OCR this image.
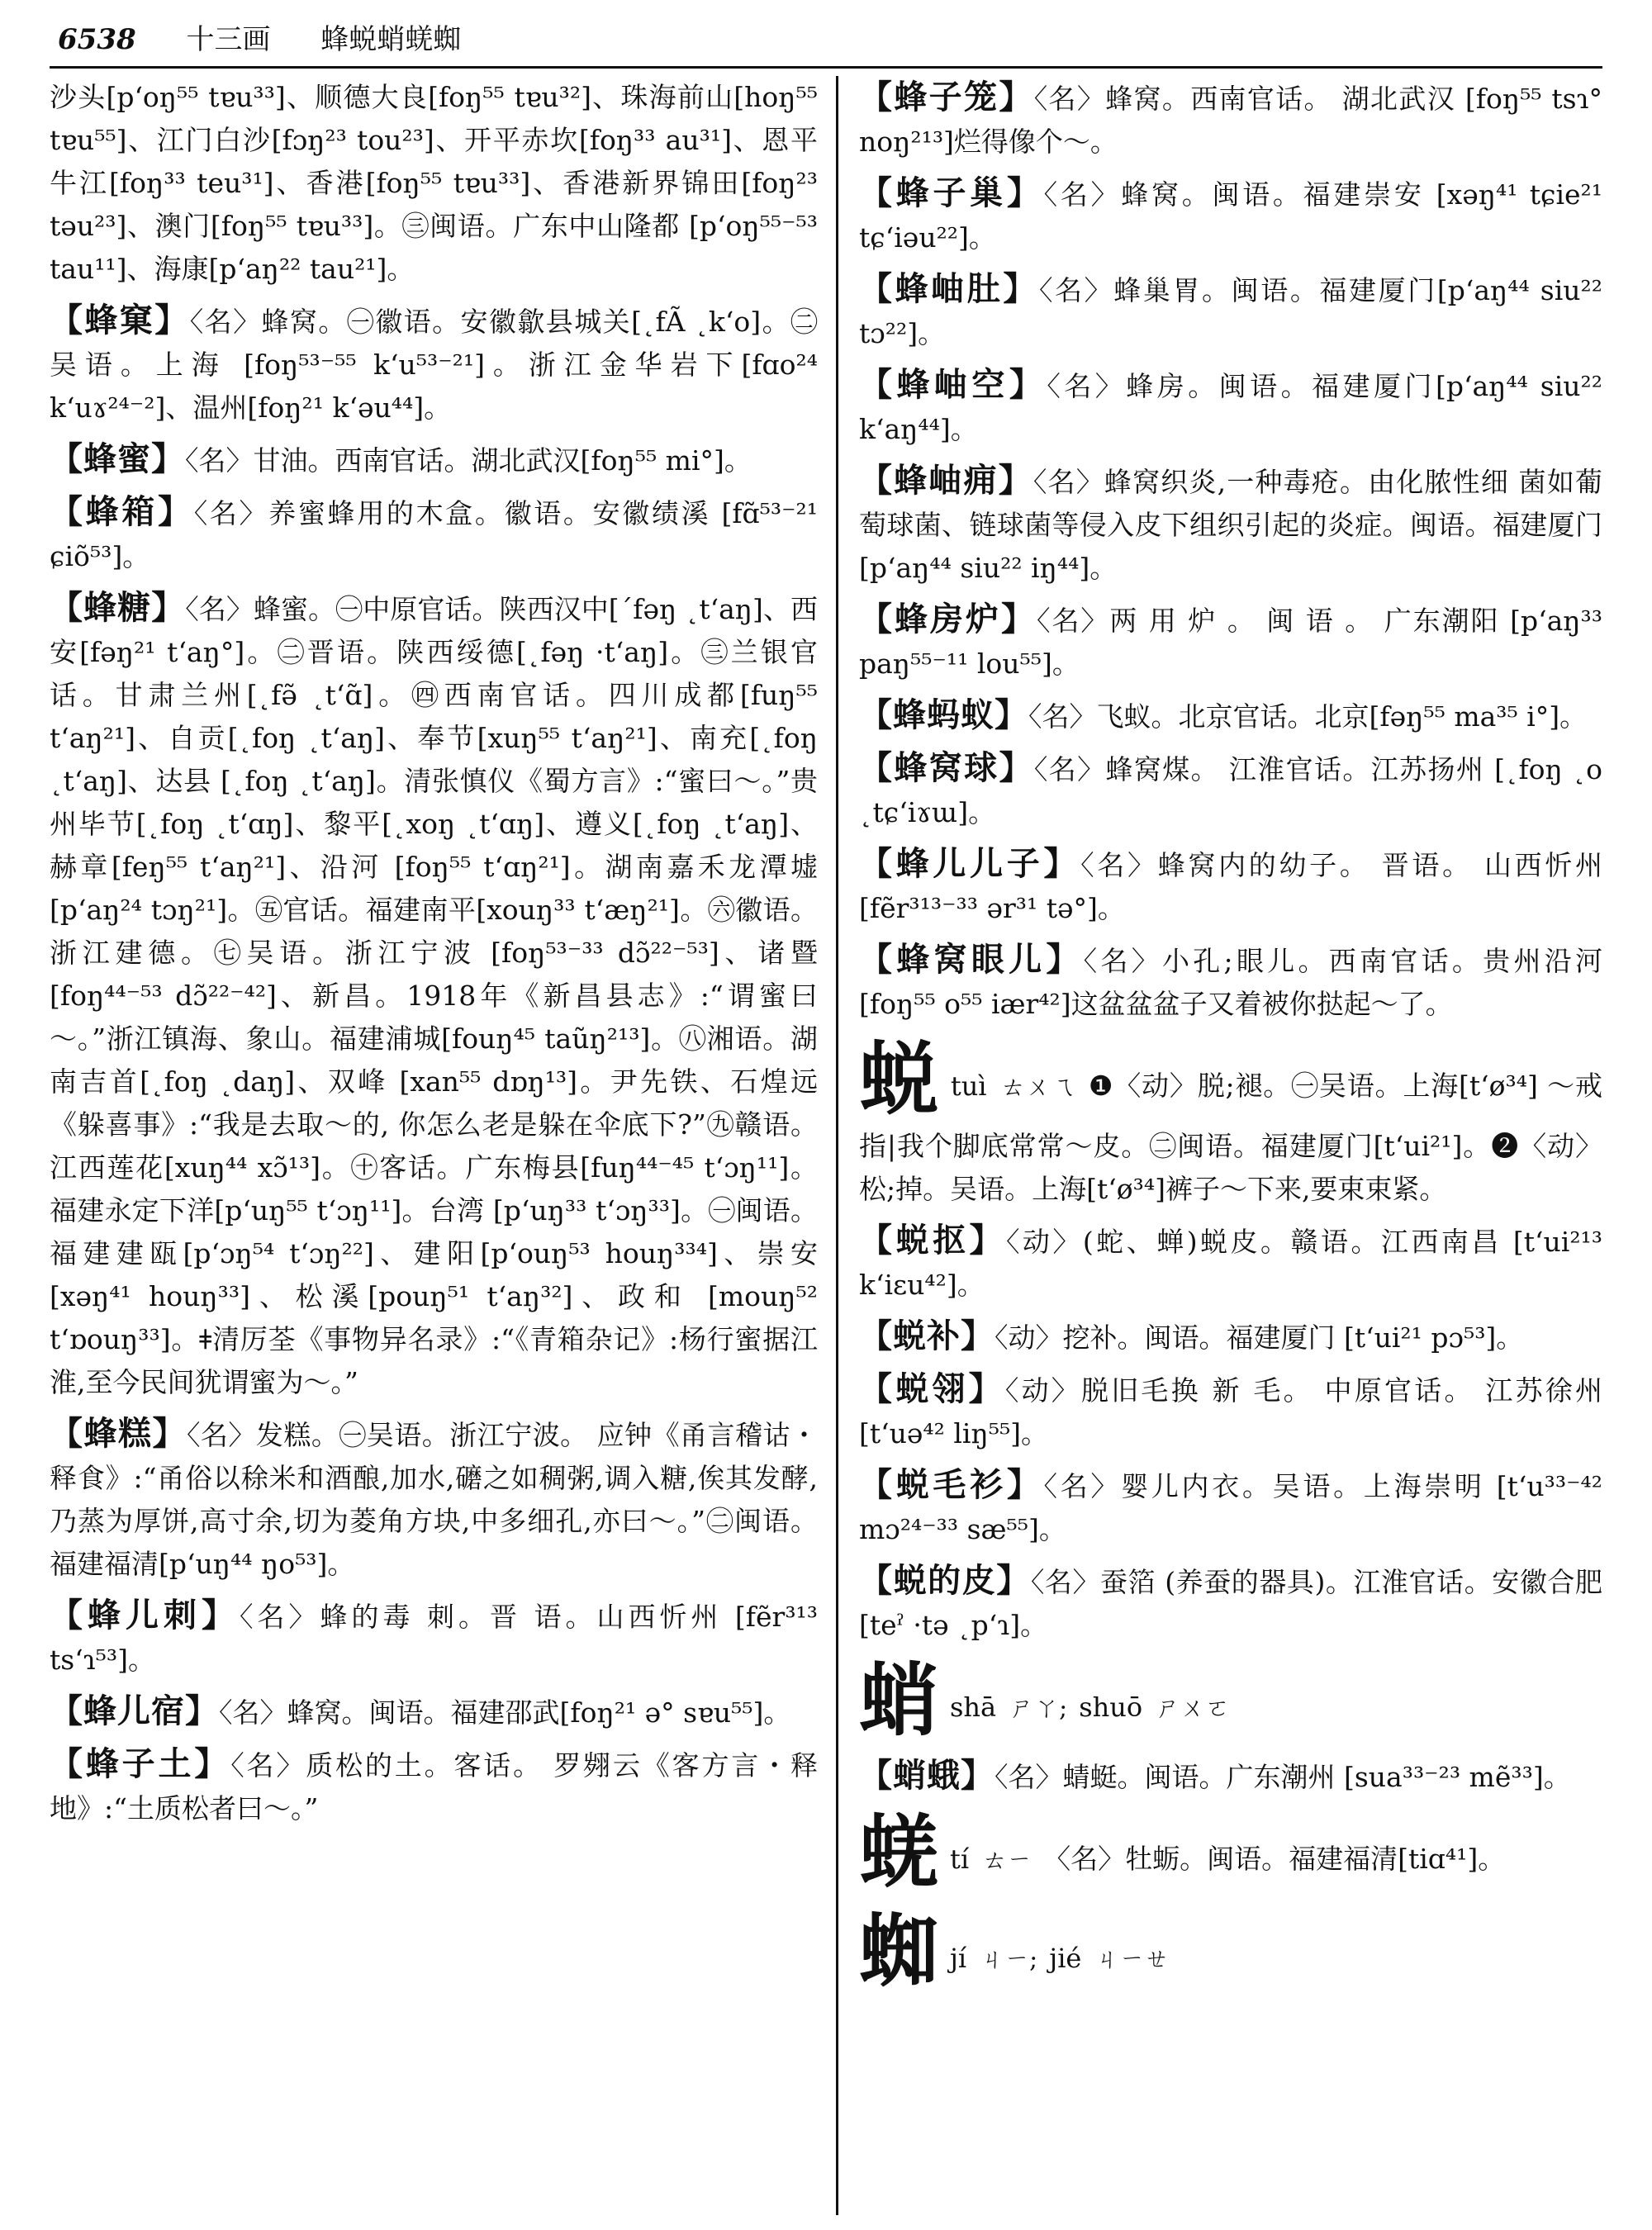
6538 十三画 蜂蜕蛸蜣蜘

沙头[p‘oŋ⁵⁵ tɐu³³]、顺德大良[foŋ⁵⁵ tɐu³²]、珠海前山[hoŋ⁵⁵ tɐu⁵⁵]、江门白沙[fɔŋ²³ tou²³]、开平赤坎[foŋ³³ au³¹]、恩平牛江[foŋ³³ teu³¹]、香港[foŋ⁵⁵ tɐu³³]、香港新界锦田[foŋ²³ təu²³]、澳门[foŋ⁵⁵ tɐu³³]。㊂闽语。广东中山隆都 [p‘oŋ⁵⁵⁻⁵³ tau¹¹]、海康[p‘aŋ²² tau²¹]。

【蜂窠】〈名〉蜂窝。㊀徽语。安徽歙县城关[˛fÃ ˛k‘o]。㊁吴语。上海 [foŋ⁵³⁻⁵⁵ k‘u⁵³⁻²¹]。浙江金华岩下[fɑo²⁴ k‘uɤ²⁴⁻²]、温州[foŋ²¹ k‘əu⁴⁴]。

【蜂蜜】〈名〉甘油。西南官话。湖北武汉[foŋ⁵⁵ mi°]。

【蜂箱】〈名〉养蜜蜂用的木盒。徽语。安徽绩溪 [fɑ̃⁵³⁻²¹ ɕiõ⁵³]。

【蜂糖】〈名〉蜂蜜。㊀中原官话。陕西汉中[ˊfəŋ ˛t‘aŋ]、西安[fəŋ²¹ t‘aŋ°]。㊁晋语。陕西绥德[˛fəŋ ·t‘aŋ]。㊂兰银官话。甘肃兰州[˛fə̃ ˛t‘ɑ̃]。㊃西南官话。四川成都[fuŋ⁵⁵ t‘aŋ²¹]、自贡[˛foŋ ˛t‘aŋ]、奉节[xuŋ⁵⁵ t‘aŋ²¹]、南充[˛foŋ ˛t‘aŋ]、达县 [˛foŋ ˛t‘aŋ]。清张慎仪《蜀方言》:“蜜曰～。”贵州毕节[˛foŋ ˛t‘ɑŋ]、黎平[˛xoŋ ˛t‘ɑŋ]、遵义[˛foŋ ˛t‘aŋ]、赫章[feŋ⁵⁵ t‘aŋ²¹]、沿河 [foŋ⁵⁵ t‘ɑŋ²¹]。湖南嘉禾龙潭墟[p‘aŋ²⁴ tɔŋ²¹]。㊄官话。福建南平[xouŋ³³ t‘æŋ²¹]。㊅徽语。浙江建德。㊆吴语。浙江宁波 [foŋ⁵³⁻³³ dɔ̃²²⁻⁵³]、诸暨[foŋ⁴⁴⁻⁵³ dɔ̃²²⁻⁴²]、新昌。1918年《新昌县志》:“谓蜜曰～。”浙江镇海、象山。福建浦城[fouŋ⁴⁵ taũŋ²¹³]。㊇湘语。湖南吉首[˛foŋ ˛daŋ]、双峰 [xan⁵⁵ dɒŋ¹³]。尹先铁、石煌远《躲喜事》:“我是去取～的, 你怎么老是躲在伞底下?”㊈赣语。江西莲花[xuŋ⁴⁴ xɔ̃¹³]。㊉客话。广东梅县[fuŋ⁴⁴⁻⁴⁵ t‘ɔŋ¹¹]。福建永定下洋[p‘uŋ⁵⁵ t‘ɔŋ¹¹]。台湾 [p‘uŋ³³ t‘ɔŋ³³]。㊀闽语。福建建瓯[p‘ɔŋ⁵⁴ t‘ɔŋ²²]、建阳[p‘ouŋ⁵³ houŋ³³⁴]、崇安 [xəŋ⁴¹ houŋ³³]、松溪[pouŋ⁵¹ t‘aŋ³²]、政和 [mouŋ⁵² t‘ɒouŋ³³]。ǂ清厉荃《事物异名录》:“《青箱杂记》:杨行蜜据江淮,至今民间犹谓蜜为～。”

【蜂糕】〈名〉发糕。㊀吴语。浙江宁波。 应钟《甬言稽诂・释食》:“甬俗以稌米和酒酿,加水,礳之如稠粥,调入糖,俟其发酵,乃蒸为厚饼,高寸余,切为菱角方块,中多细孔,亦曰～。”㊁闽语。 福建福清[p‘uŋ⁴⁴ ŋo⁵³]。

【蜂儿刺】〈名〉蜂的毒 刺。晋 语。山西忻州 [fẽr³¹³ ts‘ɿ⁵³]。

【蜂儿宿】〈名〉蜂窝。闽语。福建邵武[foŋ²¹ ə° sɐu⁵⁵]。

【蜂子土】〈名〉质松的土。客话。 罗翙云《客方言・释地》:“土质松者曰～。”

【蜂子笼】〈名〉蜂窝。西南官话。 湖北武汉 [foŋ⁵⁵ tsɿ° noŋ²¹³]烂得像个～。

【蜂子巢】〈名〉蜂窝。闽语。福建崇安 [xəŋ⁴¹ tɕie²¹ tɕ‘iəu²²]。

【蜂岫肚】〈名〉蜂巢胃。闽语。福建厦门[p‘aŋ⁴⁴ siu²² tɔ²²]。

【蜂岫空】〈名〉蜂房。闽语。福建厦门[p‘aŋ⁴⁴ siu²² k‘aŋ⁴⁴]。

【蜂岫痈】〈名〉蜂窝织炎,一种毒疮。由化脓性细 菌如葡萄球菌、链球菌等侵入皮下组织引起的炎症。闽语。福建厦门[p‘aŋ⁴⁴ siu²² iŋ⁴⁴]。

【蜂房炉】〈名〉两 用 炉 。 闽 语 。 广东潮阳 [p‘aŋ³³ paŋ⁵⁵⁻¹¹ lou⁵⁵]。

【蜂蚂蚁】〈名〉飞蚁。北京官话。北京[fəŋ⁵⁵ ma³⁵ i°]。

【蜂窝球】〈名〉蜂窝煤。 江淮官话。江苏扬州 [˛foŋ ˛o ˛tɕ‘iɤɯ]。

【蜂儿儿子】〈名〉蜂窝内的幼子。 晋语。 山西忻州 [fẽr³¹³⁻³³ ər³¹ tə°]。

【蜂窝眼儿】〈名〉小孔;眼儿。西南官话。贵州沿河 [foŋ⁵⁵ o⁵⁵ iær⁴²]这盆盆盆子又着被你挞起～了。

蜕tuì ㄊㄨㄟ ❶〈动〉脱;褪。㊀吴语。上海[t‘ø³⁴] ～戒指|我个脚底常常～皮。㊁闽语。福建厦门[t‘ui²¹]。❷〈动〉松;掉。吴语。上海[t‘ø³⁴]裤子～下来,要束束紧。

【蜕抠】〈动〉(蛇、蝉)蜕皮。赣语。江西南昌 [t‘ui²¹³ k‘iɛu⁴²]。

【蜕补】〈动〉挖补。闽语。福建厦门 [t‘ui²¹ pɔ⁵³]。

【蜕翎】〈动〉脱旧毛换 新 毛。 中原官话。 江苏徐州 [t‘uə⁴² liŋ⁵⁵]。

【蜕毛衫】〈名〉婴儿内衣。吴语。上海崇明 [t‘u³³⁻⁴² mɔ²⁴⁻³³ sæ⁵⁵]。

【蜕的皮】〈名〉蚕箔 (养蚕的器具)。江淮官话。安徽合肥[teˀ ·tə ˛p‘ɿ]。

蛸shā ㄕㄚ; shuō ㄕㄨㄛ

【蛸蛾】〈名〉蜻蜓。闽语。广东潮州 [sua³³⁻²³ mẽ³³]。

蜣tí ㄊㄧ 〈名〉牡蛎。闽语。福建福清[tiɑ⁴¹]。

蜘jí ㄐㄧ; jié ㄐㄧㄝ
